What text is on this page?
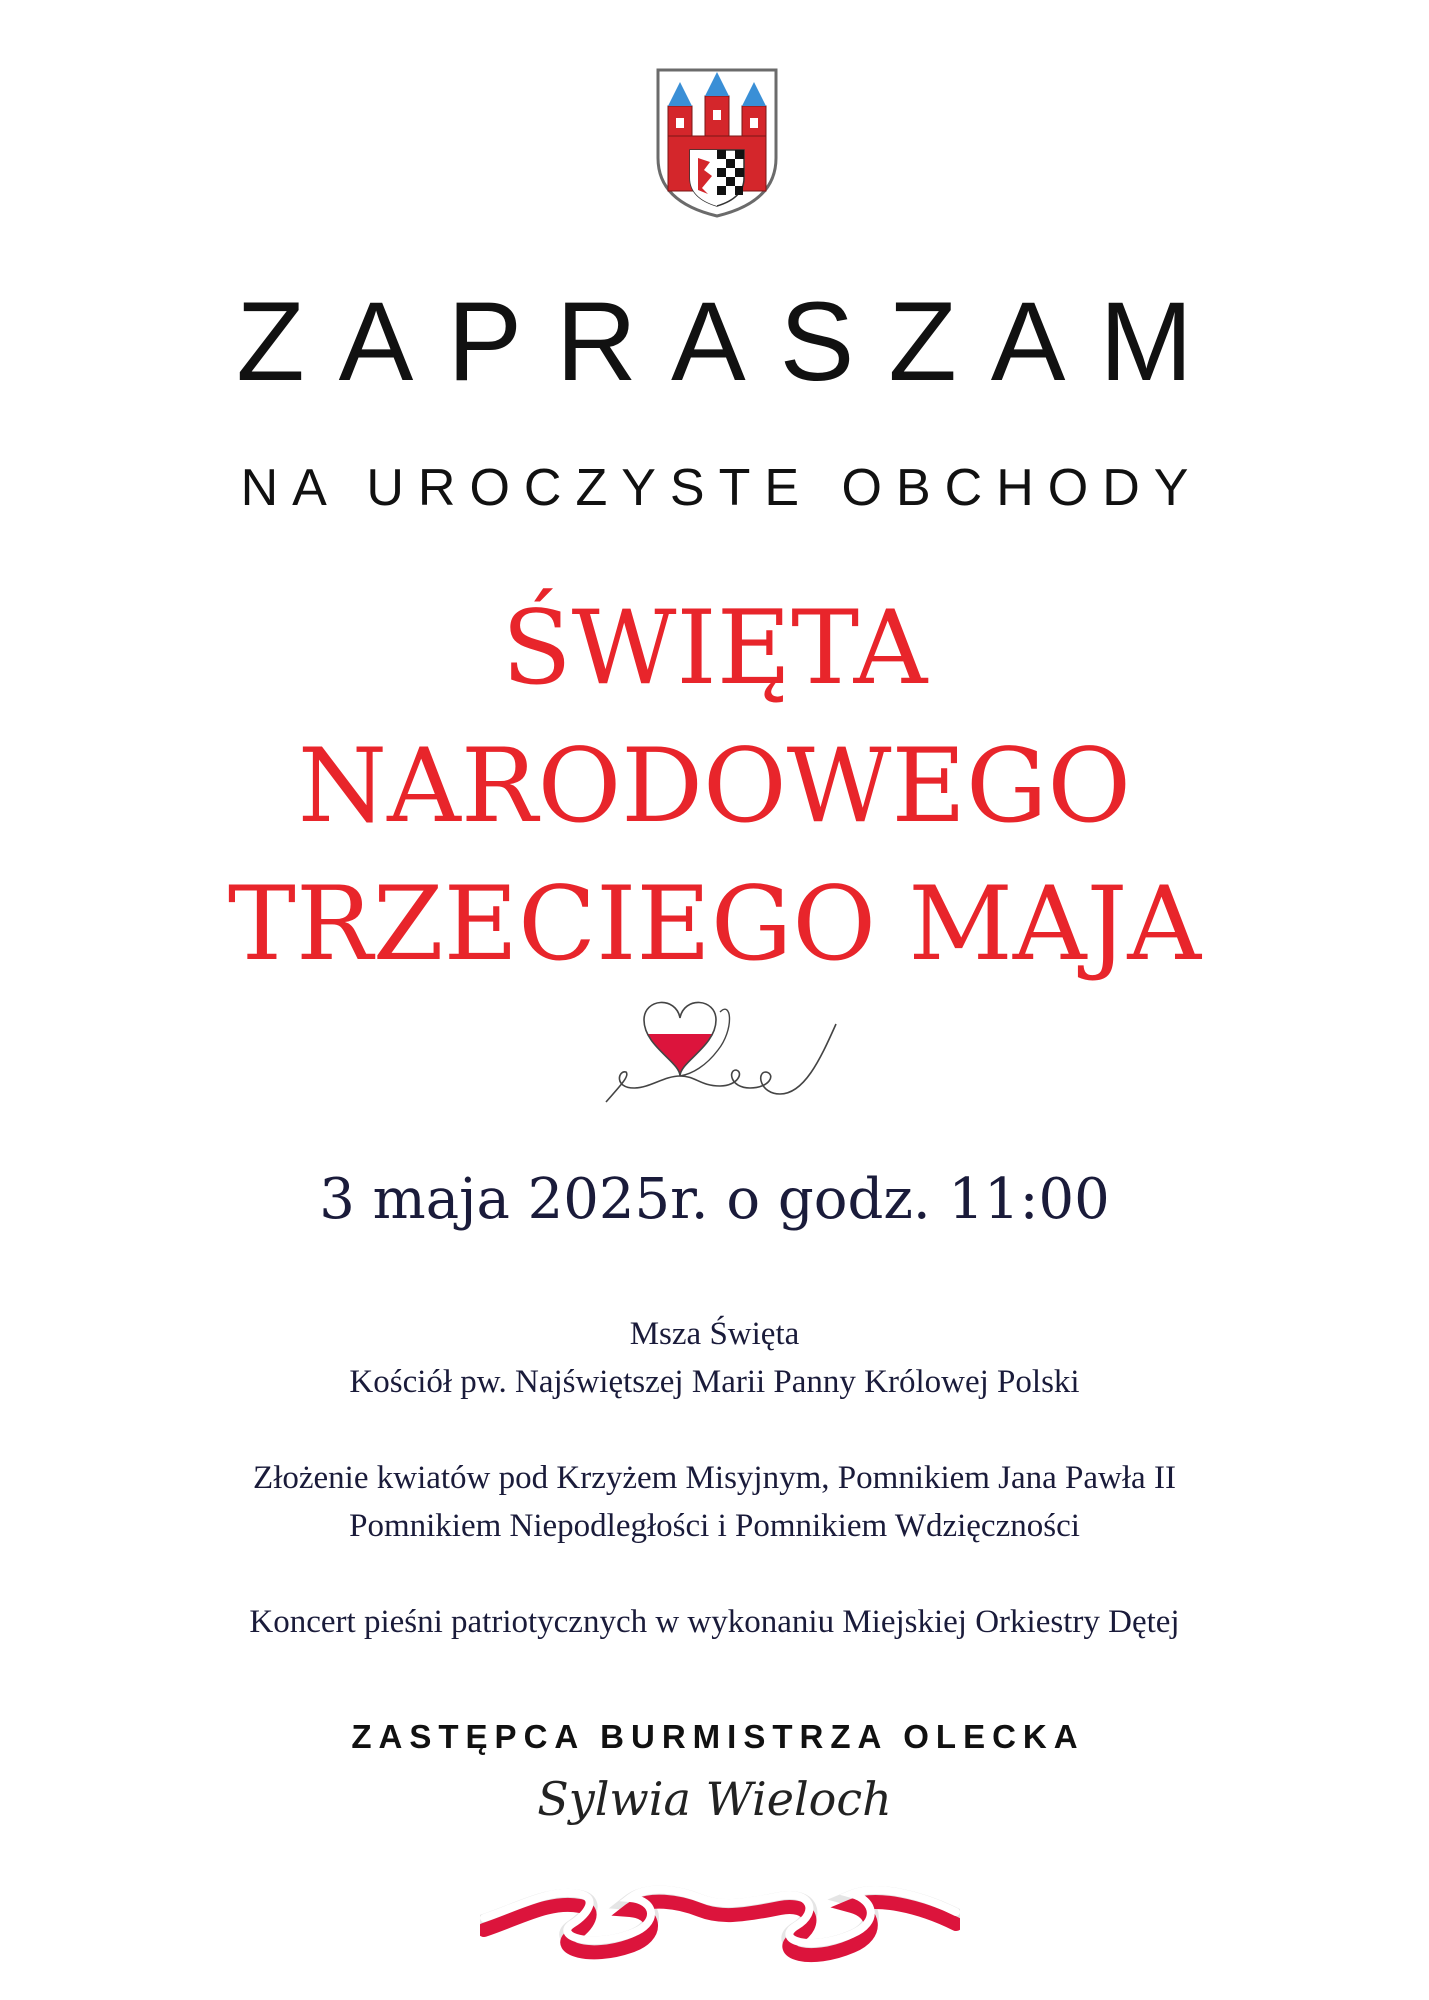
ZAPRASZAM
NA UROCZYSTE OBCHODY
ŚWIĘTA
NARODOWEGO
TRZECIEGO MAJA
3 maja 2025r. o godz. 11:00
Msza Święta
Kościół pw. Najświętszej Marii Panny Królowej Polski
Złożenie kwiatów pod Krzyżem Misyjnym, Pomnikiem Jana Pawła II
Pomnikiem Niepodległości i Pomnikiem Wdzięczności
Koncert pieśni patriotycznych w wykonaniu Miejskiej Orkiestry Dętej
ZASTĘPCA BURMISTRZA OLECKA
Sylwia Wieloch
